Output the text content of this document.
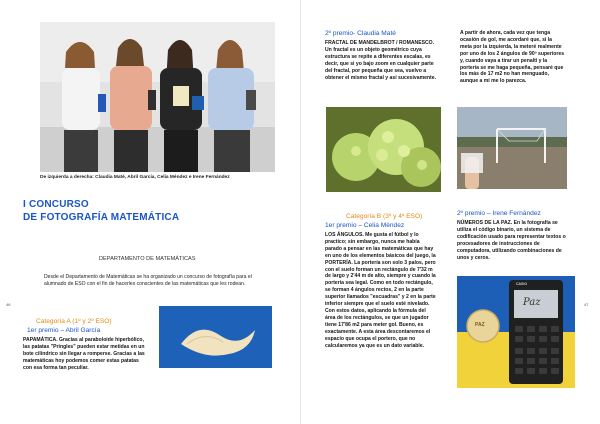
De izquierda a derecha: Claudia Maté, Abril García, Celia Méndez e Irene Fernández
I CONCURSO
DE FOTOGRAFÍA MATEMÁTICA
DEPARTAMENTO DE MATEMÁTICAS
Desde el Departamento de Matemáticas se ha organizado un concurso de fotografía para el alumnado de ESO con el fin de hacerles conscientes de las matemáticas que les rodean.
Categoría A (1º y 2º ESO)
1er premio – Abril García
PAPAMÁTICA. Gracias al paraboloide hiperbólico, las patatas "Pringles" pueden estar metidas en un bote cilíndrico sin llegar a romperse. Gracias a las matemáticas hoy podemos comer estas patatas con esa forma tan peculiar.
46
2º premio- Claudia Maté
FRACTAL DE MANDELBROT / ROMANESCO. Un fractal es un objeto geométrico cuya estructura se repite a diferentes escalas, es decir, que si yo bajo zoom en cualquier parte del fractal, por pequeña que sea, vuelvo a obtener el mismo fractal y así sucesivamente.
A partir de ahora, cada vez que tenga ocasión de gol, me acordaré que, si la meta por la izquierda, la meteré realmente por uno de los 2 ángulos de 90º superiores y, cuando vaya a tirar un penalti y la portería se me haga pequeña, pensaré que los más de 17 m2 no han menguado, aunque a mí me lo parezca.
Categoría B (3º y 4º ESO)
1er premio – Celia Méndez
LOS ÁNGULOS. Me gusta el fútbol y lo practico; sin embargo, nunca me había parado a pensar en las matemáticas que hay en uno de los elementos básicos del juego, la PORTERÍA. La portería son solo 3 palos, pero con el suelo forman un rectángulo de 7'32 m de largo y 2'44 m de alto, siempre y cuando la portería sea legal. Como en todo rectángulo, se forman 4 ángulos rectos, 2 en la parte superior llamados "escuadras" y 2 en la parte inferior siempre que el suelo esté nivelado. Con estos datos, aplicando la fórmula del área de los rectángulos, se que un jugador tiene 17'86 m2 para meter gol. Bueno, es exactamente. A esta área descontaremos el espacio que ocupa el portero, que no calcularemos ya que es un dato variable.
2º premio – Irene Fernández
NÚMEROS DE LA PAZ. En la fotografía se utiliza el código binario, un sistema de codificación usado para representar textos o procesadores de instrucciones de computadora, utilizando combinaciones de unos y ceros.
CASIO
Paz
PAZ
47
